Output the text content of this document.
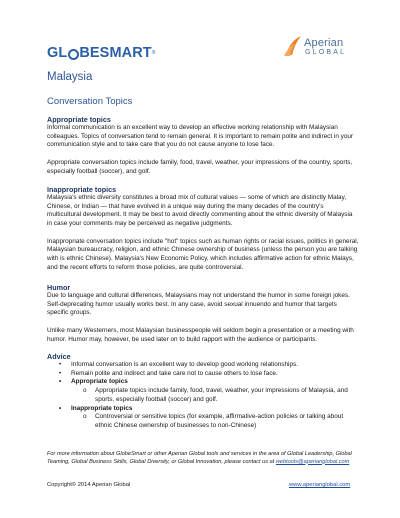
GL BESMART ®
Aperian
GLOBAL
Malaysia
Conversation Topics
Appropriate topics

Informal communication is an excellent way to develop an effective working relationship with Malaysian colleagues. Topics of conversation tend to remain general. It is important to remain polite and indirect in your communication style and to take care that you do not cause anyone to lose face.

Appropriate conversation topics include family, food, travel, weather, your impressions of the country, sports, especially football (soccer), and golf.

Inappropriate topics

Malaysia's ethnic diversity constitutes a broad mix of cultural values — some of which are distinctly Malay, Chinese, or Indian — that have evolved in a unique way during the many decades of the country's multicultural development. It may be best to avoid directly commenting about the ethnic diversity of Malaysia in case your comments may be perceived as negative judgments.

Inappropriate conversation topics include "hot" topics such as human rights or racial issues, politics in general, Malaysian bureaucracy, religion, and ethnic Chinese ownership of business (unless the person you are talking with is ethnic Chinese). Malaysia's New Economic Policy, which includes affirmative action for ethnic Malays, and the recent efforts to reform those policies, are quite controversial.

Humor

Due to language and cultural differences, Malaysians may not understand the humor in some foreign jokes. Self-deprecating humor usually works best. In any case, avoid sexual innuendo and humor that targets specific groups.

Unlike many Westerners, most Malaysian businesspeople will seldom begin a presentation or a meeting with humor. Humor may, however, be used later on to build rapport with the audience or participants.

Advice
• Informal conversation is an excellent way to develop good working relationships.
• Remain polite and indirect and take care not to cause others to lose face.
• Appropriate topics
o Appropriate topics include family, food, travel, weather, your impressions of Malaysia, and sports, especially football (soccer) and golf.
• Inappropriate topics
o Controversial or sensitive topics (for example, affirmative-action policies or talking about ethnic Chinese ownership of businesses to non-Chinese)
For more information about GlobeSmart or other Aperian Global tools and services in the area of Global Leadership, Global Teaming, Global Business Skills, Global Diversity, or Global Innovation, please contact us at webtools@aperianglobal.com
Copyright© 2014 Aperian Global	www.aperianglobal.com
